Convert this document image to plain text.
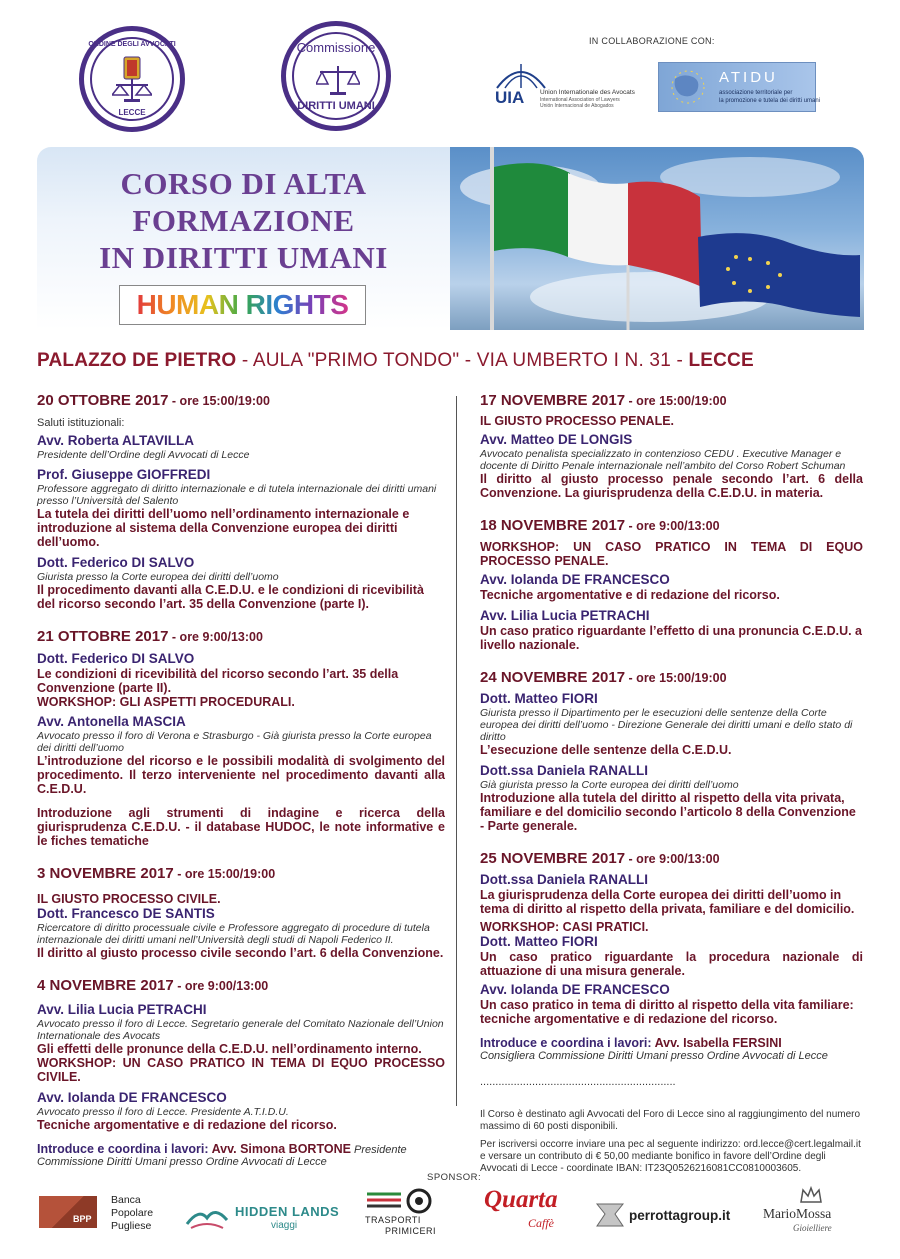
ORDINE DEGLI AVVOCATI
LECCE
Commissione
DIRITTI UMANI
IN COLLABORAZIONE CON:
UIA Union Internationale des Avocats
International Association of Lawyers
Unión Internacional de Abogados
ATIDU
associazione territoriale per
la promozione e tutela dei diritti umani
CORSO DI ALTA
FORMAZIONE
IN DIRITTI UMANI
HUMAN RIGHTS
PALAZZO DE PIETRO - AULA "PRIMO TONDO" - VIA UMBERTO I N. 31 - LECCE

20 OTTOBRE 2017 - ore 15:00/19:00

Saluti istituzionali:
Avv. Roberta ALTAVILLA
Presidente dell’Ordine degli Avvocati di Lecce
Prof. Giuseppe GIOFFREDI
Professore aggregato di diritto internazionale e di tutela internazionale dei diritti umani presso l’Università del Salento
La tutela dei diritti dell’uomo nell’ordinamento internazionale e introduzione al sistema della Convenzione europea dei diritti dell’uomo.
Dott. Federico DI SALVO
Giurista presso la Corte europea dei diritti dell’uomo
Il procedimento davanti alla C.E.D.U. e le condizioni di ricevibilità del ricorso secondo l’art. 35 della Convenzione (parte I).

21 OTTOBRE 2017 - ore 9:00/13:00

Dott. Federico DI SALVO
Le condizioni di ricevibilità del ricorso secondo l’art. 35 della Convenzione (parte II).
WORKSHOP: GLI ASPETTI PROCEDURALI.
Avv. Antonella MASCIA
Avvocato presso il foro di Verona e Strasburgo - Già giurista presso la Corte europea dei diritti dell’uomo
L’introduzione del ricorso e le possibili modalità di svolgimento del procedimento. Il terzo interveniente nel procedimento davanti alla C.E.D.U.
Introduzione agli strumenti di indagine e ricerca della giurisprudenza C.E.D.U. - il database HUDOC, le note informative e le fiches tematiche

3 NOVEMBRE 2017 - ore 15:00/19:00

IL GIUSTO PROCESSO CIVILE.
Dott. Francesco DE SANTIS
Ricercatore di diritto processuale civile e Professore aggregato di procedure di tutela internazionale dei diritti umani nell’Università degli studi di Napoli Federico II.
Il diritto al giusto processo civile secondo l’art. 6 della Convenzione.

4 NOVEMBRE 2017 - ore 9:00/13:00

Avv. Lilia Lucia PETRACHI
Avvocato presso il foro di Lecce. Segretario generale del Comitato Nazionale dell’Union Internationale des Avocats
Gli effetti delle pronunce della C.E.D.U. nell’ordinamento interno.
WORKSHOP: UN CASO PRATICO IN TEMA DI EQUO PROCESSO CIVILE.
Avv. Iolanda DE FRANCESCO
Avvocato presso il foro di Lecce. Presidente A.T.I.D.U.
Tecniche argomentative e di redazione del ricorso.
Introduce e coordina i lavori: Avv. Simona BORTONE Presidente
Commissione Diritti Umani presso Ordine Avvocati di Lecce

17 NOVEMBRE 2017 - ore 15:00/19:00

IL GIUSTO PROCESSO PENALE.
Avv. Matteo DE LONGIS
Avvocato penalista specializzato in contenzioso CEDU . Executive Manager e docente di Diritto Penale internazionale nell’ambito del Corso Robert Schuman
Il diritto al giusto processo penale secondo l’art. 6 della Convenzione. La giurisprudenza della C.E.D.U. in materia.

18 NOVEMBRE 2017 - ore 9:00/13:00

WORKSHOP: UN CASO PRATICO IN TEMA DI EQUO PROCESSO PENALE.
Avv. Iolanda DE FRANCESCO
Tecniche argomentative e di redazione del ricorso.
Avv. Lilia Lucia PETRACHI
Un caso pratico riguardante l’effetto di una pronuncia C.E.D.U. a livello nazionale.

24 NOVEMBRE 2017 - ore 15:00/19:00

Dott. Matteo FIORI
Giurista presso il Dipartimento per le esecuzioni delle sentenze della Corte europea dei diritti dell’uomo - Direzione Generale dei diritti umani e dello stato di diritto
L’esecuzione delle sentenze della C.E.D.U.
Dott.ssa Daniela RANALLI
Già giurista presso la Corte europea dei diritti dell’uomo
Introduzione alla tutela del diritto al rispetto della vita privata, familiare e del domicilio secondo l’articolo 8 della Convenzione - Parte generale.

25 NOVEMBRE 2017 - ore 9:00/13:00

Dott.ssa Daniela RANALLI
La giurisprudenza della Corte europea dei diritti dell’uomo in tema di diritto al rispetto della privata, familiare e del domicilio.
WORKSHOP: CASI PRATICI.
Dott. Matteo FIORI
Un caso pratico riguardante la procedura nazionale di attuazione di una misura generale.
Avv. Iolanda DE FRANCESCO
Un caso pratico in tema di diritto al rispetto della vita familiare: tecniche argomentative e di redazione del ricorso.
Introduce e coordina i lavori: Avv. Isabella FERSINI
Consigliera Commissione Diritti Umani presso Ordine Avvocati di Lecce
................................................................
Il Corso è destinato agli Avvocati del Foro di Lecce sino al raggiungimento del numero massimo di 60 posti disponibili.
Per iscriversi occorre inviare una pec al seguente indirizzo: ord.lecce@cert.legalmail.it e versare un contributo di € 50,00 mediante bonifico in favore dell’Ordine degli Avvocati di Lecce - coordinate IBAN: IT23Q0526216081CC0810003605.
SPONSOR:
BPP
Banca
Popolare
Pugliese
HIDDEN LANDS
viaggi	TRASPORTI
PRIMICERI
Quarta
Caffè	perrottagroup.it MarioMossa
Gioielliere
